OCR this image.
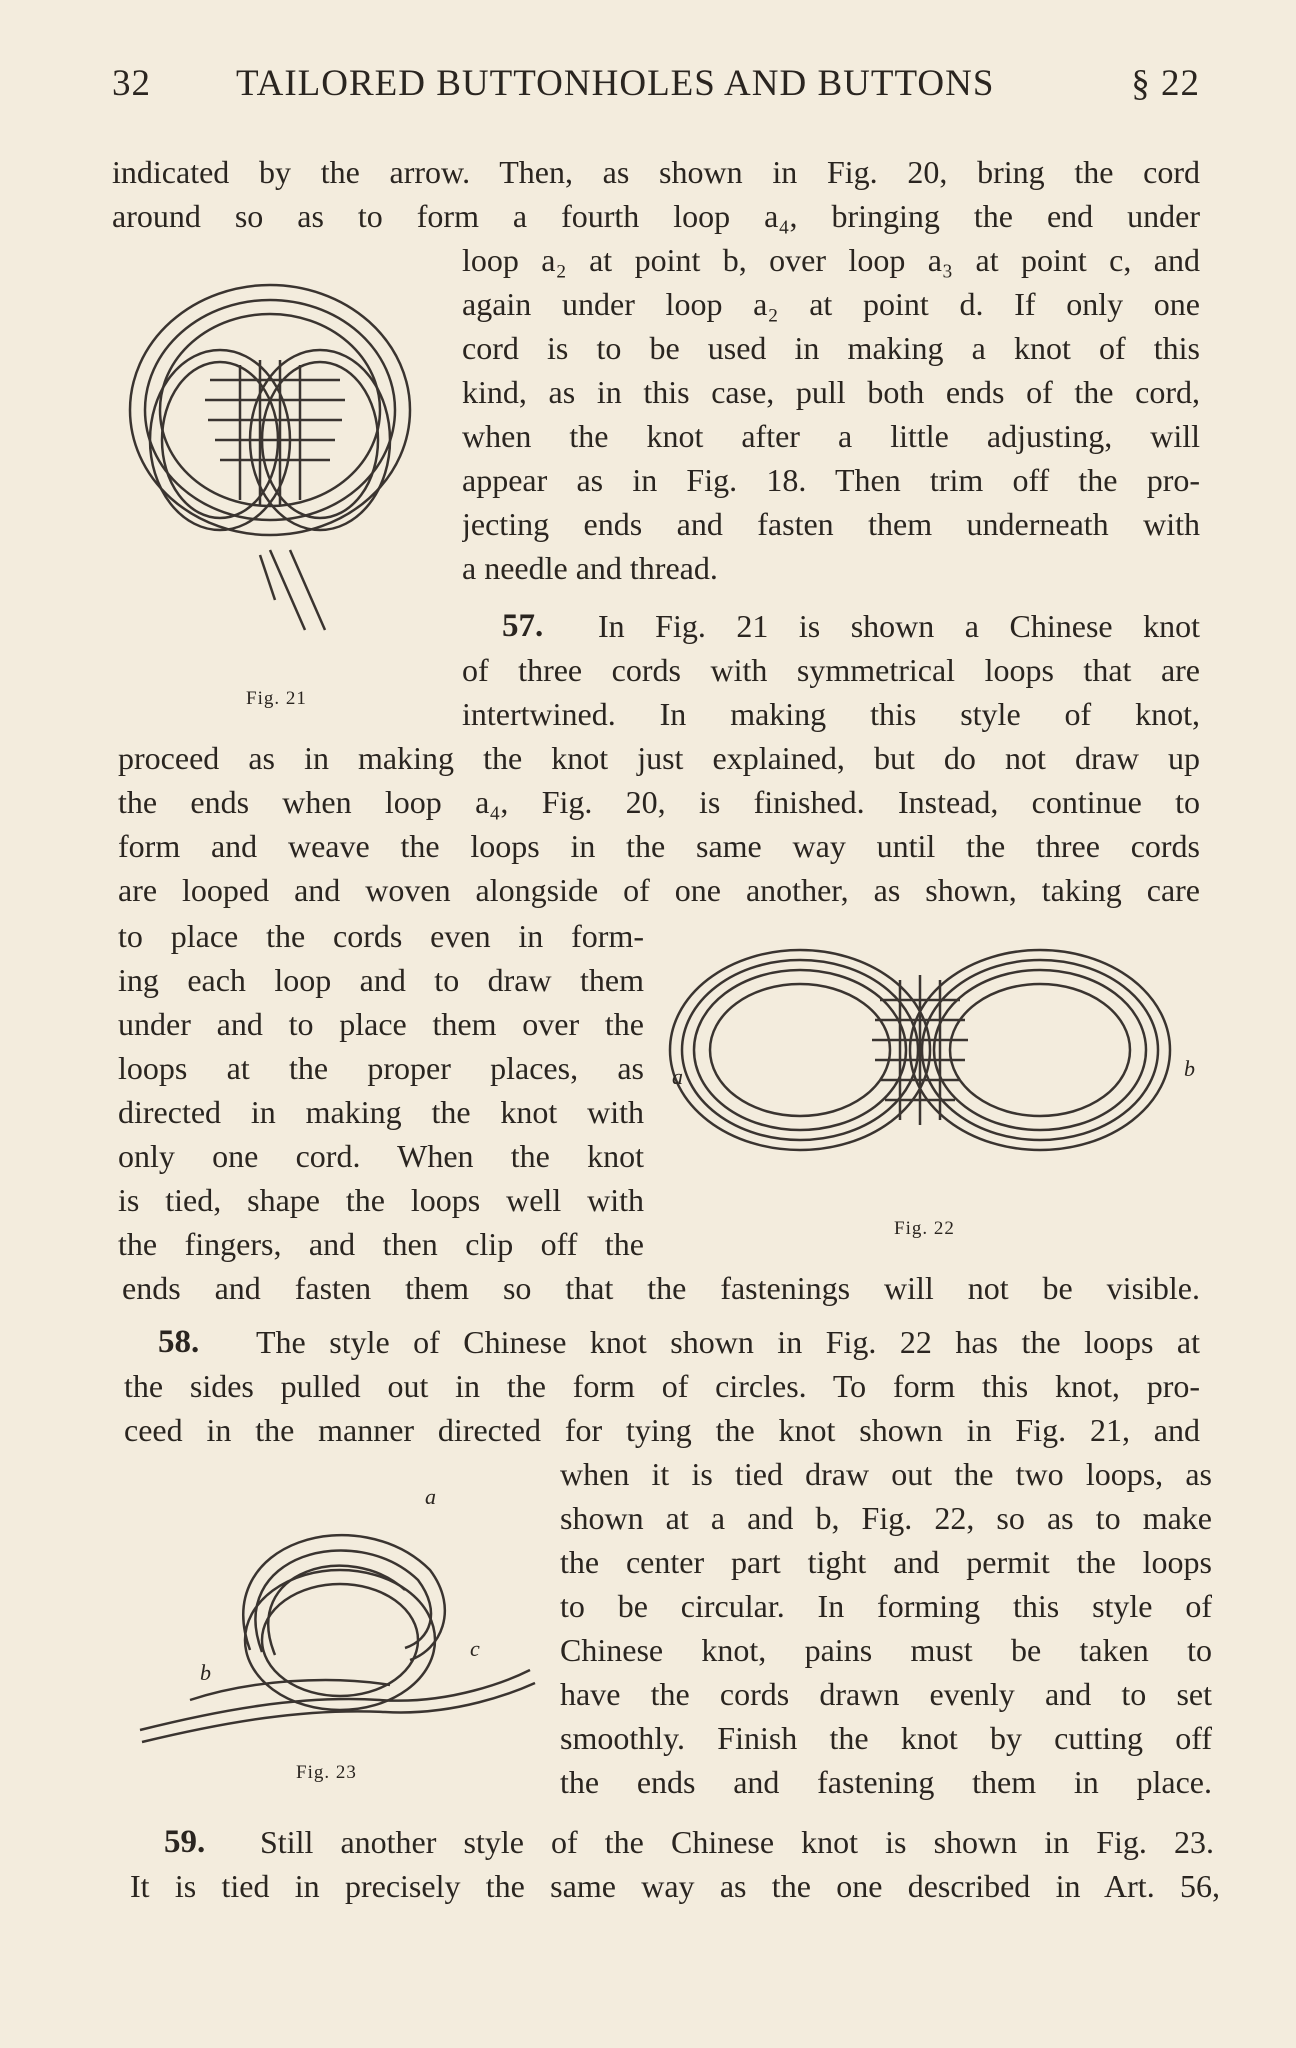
32 TAILORED BUTTONHOLES AND BUTTONS	§ 22
indicated by the arrow. Then, as shown in Fig. 20, bring the cord
around so as to form a fourth loop a₄, bringing the end under
loop a₂ at point b, over loop a₃ at point c, and
again under loop a₂ at point d. If only one
cord is to be used in making a knot of this
kind, as in this case, pull both ends of the cord,
when the knot after a little adjusting, will
appear as in Fig. 18. Then trim off the pro-
jecting ends and fasten them underneath with
a needle and thread.
57. In Fig. 21 is shown a Chinese knot
of three cords with symmetrical loops that are
intertwined. In making this style of knot,
Fig. 21
proceed as in making the knot just explained, but do not draw up
the ends when loop a₄, Fig. 20, is finished. Instead, continue to
form and weave the loops in the same way until the three cords
are looped and woven alongside of one another, as shown, taking care
to place the cords even in form-
ing each loop and to draw them
under and to place them over the
loops at the proper places, as
directed in making the knot with
only one cord. When the knot
is tied, shape the loops well with
the fingers, and then clip off the
a	b
Fig. 22
ends and fasten them so that the fastenings will not be visible.
58. The style of Chinese knot shown in Fig. 22 has the loops at
the sides pulled out in the form of circles. To form this knot, pro-
ceed in the manner directed for tying the knot shown in Fig. 21, and
when it is tied draw out the two loops, as
shown at a and b, Fig. 22, so as to make
the center part tight and permit the loops
to be circular. In forming this style of
Chinese knot, pains must be taken to
have the cords drawn evenly and to set
smoothly. Finish the knot by cutting off
the ends and fastening them in place.
a
b
c
Fig. 23
59. Still another style of the Chinese knot is shown in Fig. 23.
It is tied in precisely the same way as the one described in Art. 56,
